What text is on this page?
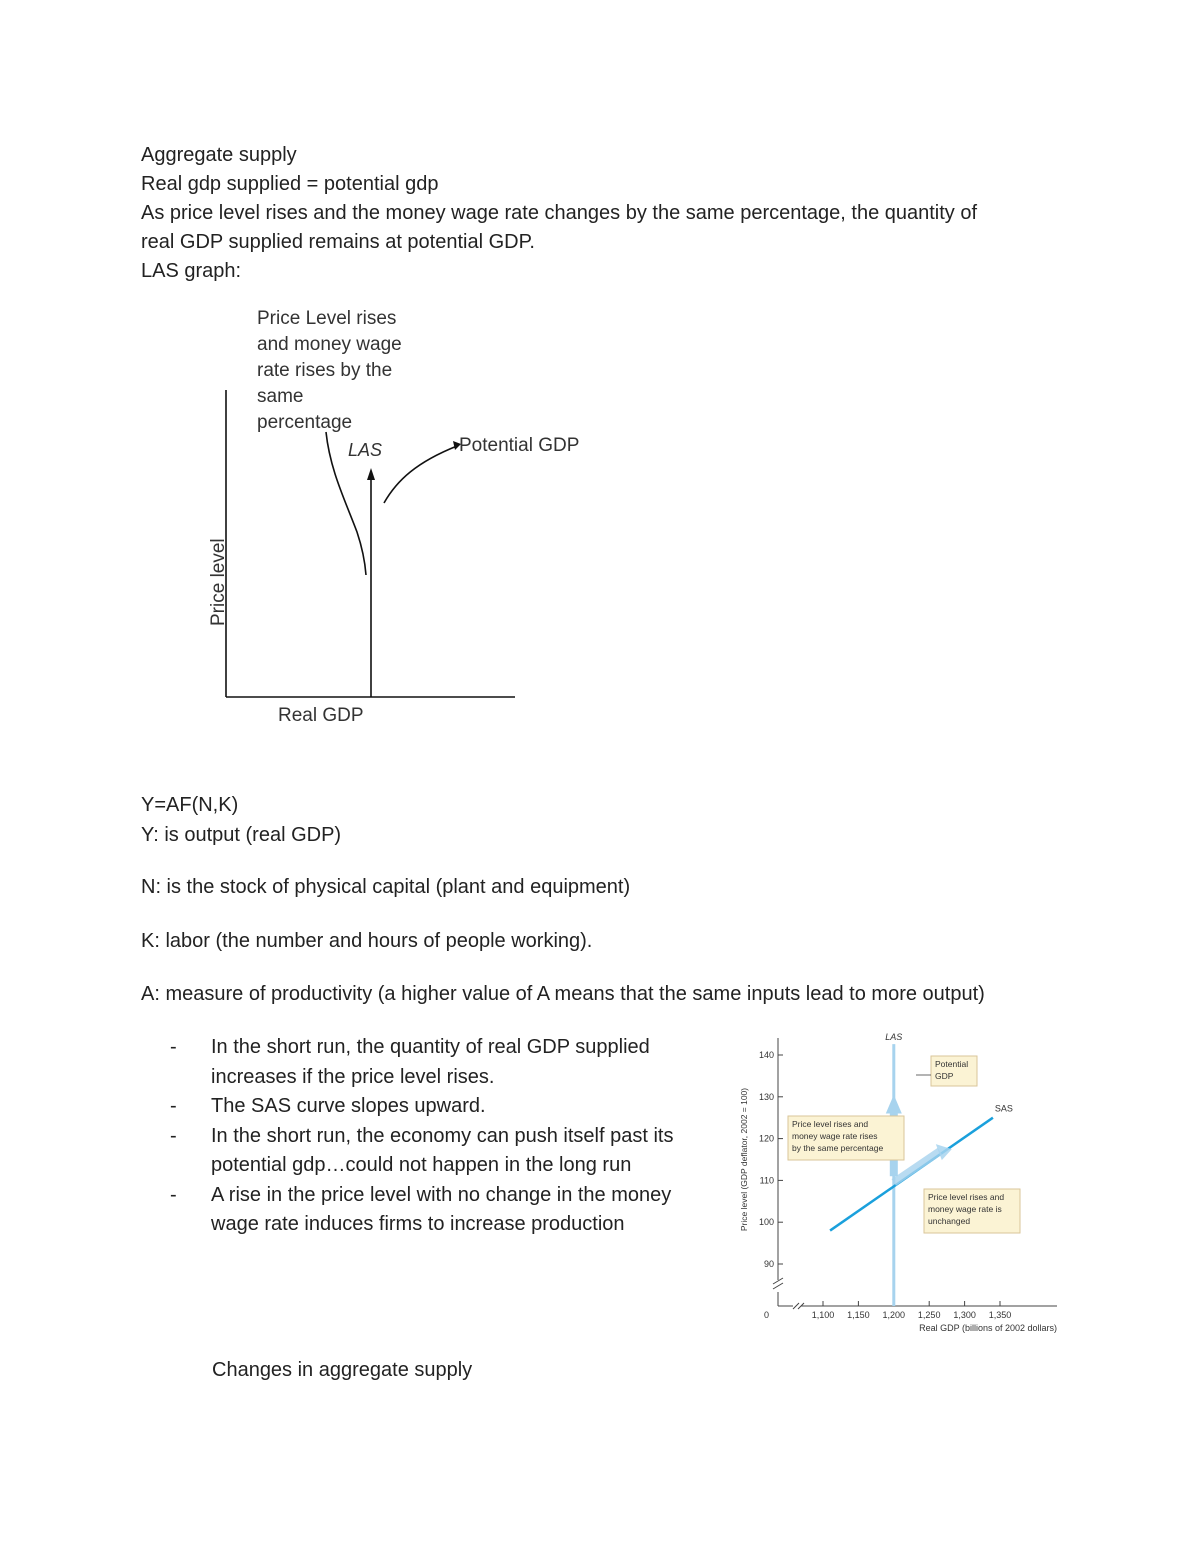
Aggregate supply
Real gdp supplied = potential gdp
As price level rises and the money wage rate changes by the same percentage, the quantity of
real GDP supplied remains at potential GDP.
LAS graph:
Price level
Real GDP
LAS
Price Level rises
and money wage
rate rises by the
same
percentage
Potential GDP
Y=AF(N,K)
Y: is output (real GDP)
N: is the stock of physical capital (plant and equipment)
K: labor (the number and hours of people working).
A: measure of productivity (a higher value of A means that the same inputs lead to more output)
-	In the short run, the quantity of real GDP supplied increases if the price level rises.
-	The SAS curve slopes upward.
-	In the short run, the economy can push itself past its potential gdp…could not happen in the long run
-	A rise in the price level with no change in the money wage rate induces firms to increase production
0
90
100
110
120
130
140
1,100 1,150 1,200 1,250 1,300 1,350
Price level (GDP deflator, 2002 = 100)
Real GDP (billions of 2002 dollars)
LAS
SAS
Potential
GDP
Price level rises and
money wage rate rises
by the same percentage
Price level rises and
money wage rate is
unchanged
Changes in aggregate supply
